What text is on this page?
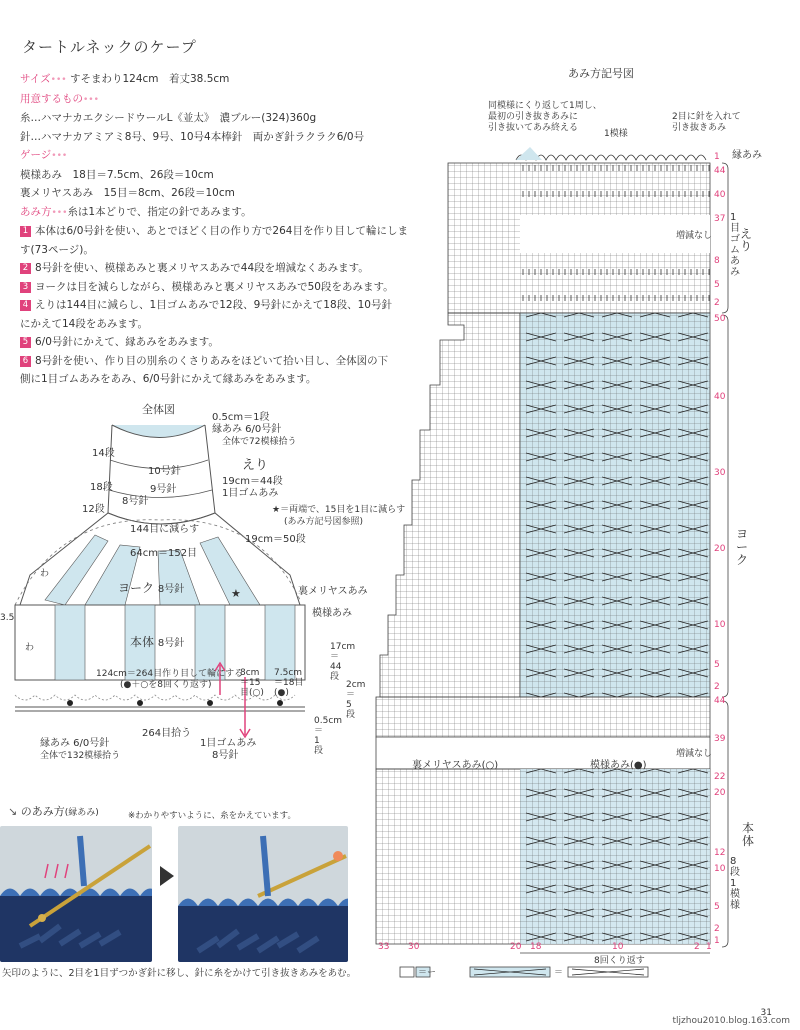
タートルネックのケープ

サイズ••• すそまわり124cm　着丈38.5cm

用意するもの•••

糸…ハマナカエクシードウールL《並太》　濃ブルー(324)360g

針…ハマナカアミアミ8号、9号、10号4本棒針　両かぎ針ラクラク6/0号

ゲージ•••

模様あみ　18目＝7.5cm、26段＝10cm

裏メリヤスあみ　15目＝8cm、26段＝10cm

あみ方•••糸は1本どりで、指定の針であみます。

1 本体は6/0号針を使い、あとでほどく目の作り方で264目を作り目して輪にしま

す(73ページ)。

2 8号針を使い、模様あみと裏メリヤスあみで44段を増減なくあみます。

3 ヨークは目を減らしながら、模様あみと裏メリヤスあみで50段をあみます。

4 えりは144目に減らし、1目ゴムあみで12段、9号針にかえて18段、10号針

にかえて14段をあみます。

5 6/0号針にかえて、縁あみをあみます。

6 8号針を使い、作り目の別糸のくさりあみをほどいて拾い目し、全体図の下

側に1目ゴムあみをあみ、6/0号針にかえて縁あみをあみます。

全体図
0.5cm＝1段
縁あみ 6/0号針
全体で72模様拾う
14段
10号針	えり
19cm＝44段
1目ゴムあみ
18段	9号針
8号針
12段	★＝両端で、15目を1目に減らす
(あみ方記号図参照)
144目に減らす
19cm＝50段
64cm＝152目
ヨーク 8号針	★	裏メリヤスあみ
模様あみ
3.5
わ
わ	本体 8号針	17cm＝44段
124cm＝264目作り目して輪にする
(●＋○を8回くり返す)
8cm＝15目(○)
7.5cm＝18目(●)
2cm＝5段
0.5cm＝1段
264目拾う
縁あみ 6/0号針
全体で132模様拾う
1目ゴムあみ
8号針
あみ方記号図
同模様にくり返して1周し、
最初の引き抜きあみに
引き抜いてあみ終える
1模様
2目に針を入れて
引き抜きあみ
縁あみ
えり
1目ゴムあみ
ヨーク
本体
8段1模様
増減なし
増減なし
裏メリヤスあみ(○)	模様あみ(●)
8回くり返す
＝ー	＝
44
40
37
8
5
2
50
40
30
20
10
5
2
44
39
22
20
12
10
5
2
1
1
33 30	20 18	10	2 1
↘ のあみ方(縁あみ)	※わかりやすいように、糸をかえています。
矢印のように、2目を1目ずつかぎ針に移し、針に糸をかけて引き抜きあみをあむ。
31
tljzhou2010.blog.163.com
